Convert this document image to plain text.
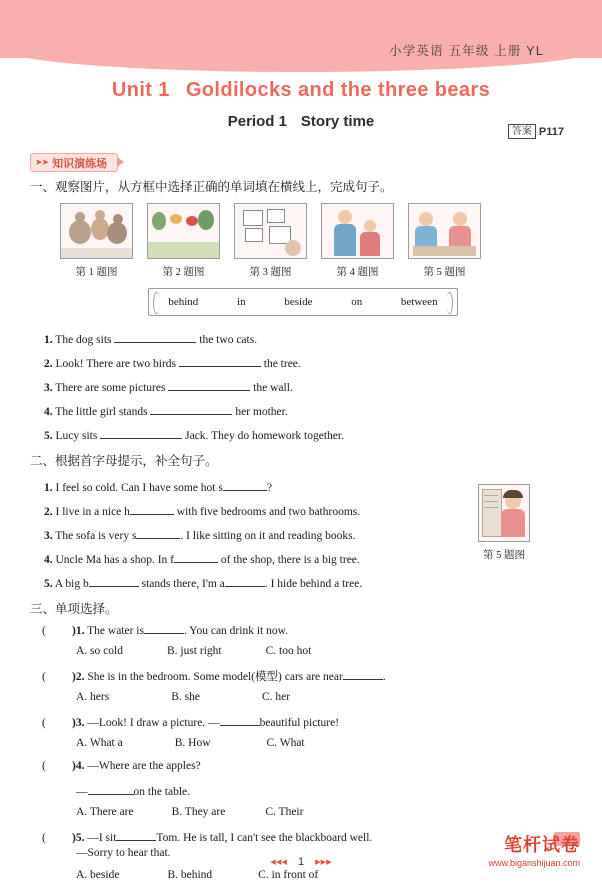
小学英语 五年级 上册 YL
Unit 1 Goldilocks and the three bears
Period 1 Story time
答案 P117
➤➤ 知识演练场
一、观察图片，从方框中选择正确的单词填在横线上，完成句子。
第 1 题图	第 2 题图	第 3 题图	第 4 题图	第 5 题图
behind	in	beside	on	between
1. The dog sits	the two cats.
2. Look! There are two birds	the tree.
3. There are some pictures	the wall.
4. The little girl stands	her mother.
5. Lucy sits	Jack. They do homework together.
二、根据首字母提示，补全句子。
1. I feel so cold. Can I have some hot s	?
2. I live in a nice h	with five bedrooms and two bathrooms.
3. The sofa is very s	. I like sitting on it and reading books.
4. Uncle Ma has a shop. In f	of the shop, there is a big tree.
5. A big b	stands there, I'm a	. I hide behind a tree.
第 5 题图
三、单项选择。
( )1. The water is	. You can drink it now.
A. so cold	B. just right	C. too hot
( )2. She is in the bedroom. Some model(模型) cars are near	.
A. hers	B. she	C. her
( )3. —Look! I draw a picture. —	beautiful picture!
A. What a	B. How	C. What
( )4. —Where are the apples?
—	on the table.
A. There are	B. They are	C. Their
( )5. —I sit	Tom. He is tall, I can't see the blackboard well.
—Sorry to hear that.
A. beside	B. behind	C. in front of
◂◂◂ 1 ▸▸▸
笔杆试卷
www.biganshijuan.com
